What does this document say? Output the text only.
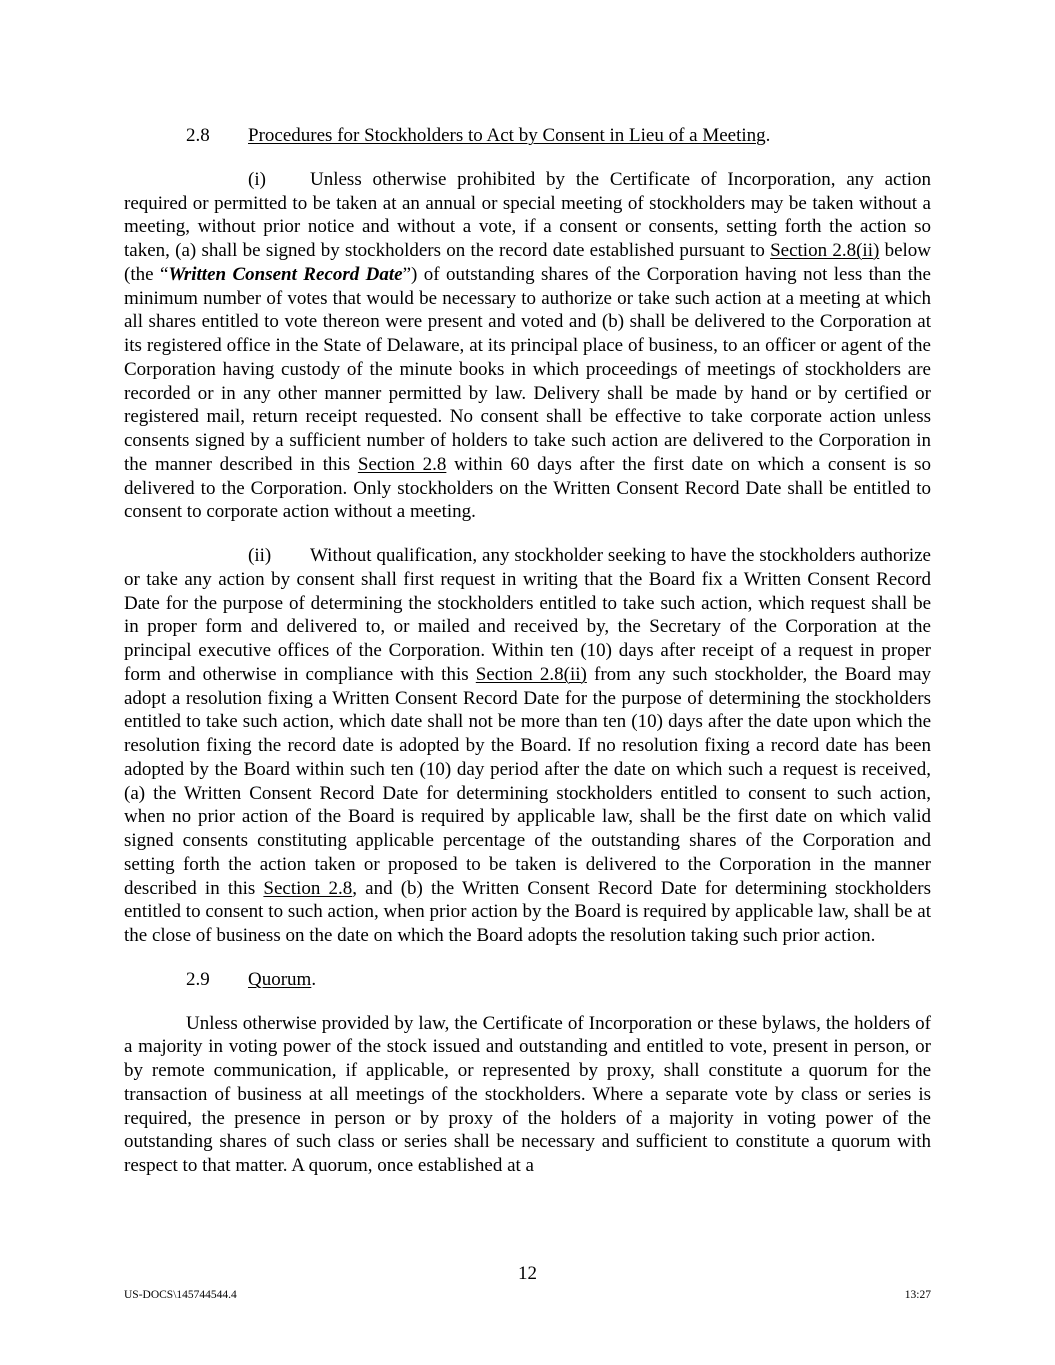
2.8 Procedures for Stockholders to Act by Consent in Lieu of a Meeting.

(i) Unless otherwise prohibited by the Certificate of Incorporation, any action required or permitted to be taken at an annual or special meeting of stockholders may be taken without a meeting, without prior notice and without a vote, if a consent or consents, setting forth the action so taken, (a) shall be signed by stockholders on the record date established pursuant to Section 2.8(ii) below (the “Written Consent Record Date”) of outstanding shares of the Corporation having not less than the minimum number of votes that would be necessary to authorize or take such action at a meeting at which all shares entitled to vote thereon were present and voted and (b) shall be delivered to the Corporation at its registered office in the State of Delaware, at its principal place of business, to an officer or agent of the Corporation having custody of the minute books in which proceedings of meetings of stockholders are recorded or in any other manner permitted by law. Delivery shall be made by hand or by certified or registered mail, return receipt requested. No consent shall be effective to take corporate action unless consents signed by a sufficient number of holders to take such action are delivered to the Corporation in the manner described in this Section 2.8 within 60 days after the first date on which a consent is so delivered to the Corporation. Only stockholders on the Written Consent Record Date shall be entitled to consent to corporate action without a meeting.

(ii) Without qualification, any stockholder seeking to have the stockholders authorize or take any action by consent shall first request in writing that the Board fix a Written Consent Record Date for the purpose of determining the stockholders entitled to take such action, which request shall be in proper form and delivered to, or mailed and received by, the Secretary of the Corporation at the principal executive offices of the Corporation. Within ten (10) days after receipt of a request in proper form and otherwise in compliance with this Section 2.8(ii) from any such stockholder, the Board may adopt a resolution fixing a Written Consent Record Date for the purpose of determining the stockholders entitled to take such action, which date shall not be more than ten (10) days after the date upon which the resolution fixing the record date is adopted by the Board. If no resolution fixing a record date has been adopted by the Board within such ten (10) day period after the date on which such a request is received, (a) the Written Consent Record Date for determining stockholders entitled to consent to such action, when no prior action of the Board is required by applicable law, shall be the first date on which valid signed consents constituting applicable percentage of the outstanding shares of the Corporation and setting forth the action taken or proposed to be taken is delivered to the Corporation in the manner described in this Section 2.8, and (b) the Written Consent Record Date for determining stockholders entitled to consent to such action, when prior action by the Board is required by applicable law, shall be at the close of business on the date on which the Board adopts the resolution taking such prior action.

2.9 Quorum.

Unless otherwise provided by law, the Certificate of Incorporation or these bylaws, the holders of a majority in voting power of the stock issued and outstanding and entitled to vote, present in person, or by remote communication, if applicable, or represented by proxy, shall constitute a quorum for the transaction of business at all meetings of the stockholders. Where a separate vote by class or series is required, the presence in person or by proxy of the holders of a majority in voting power of the outstanding shares of such class or series shall be necessary and sufficient to constitute a quorum with respect to that matter. A quorum, once established at a

12
US-DOCS\145744544.4	13:27
